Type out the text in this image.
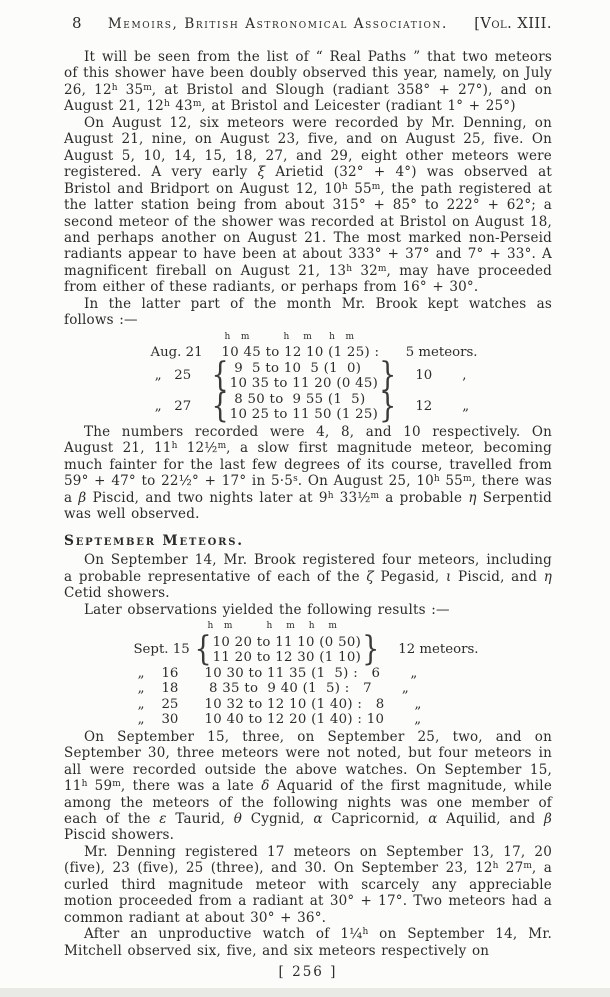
8	Memoirs, British Astronomical Association.	[Vol. XIII.

It will be seen from the list of “ Real Paths ” that two meteors of this shower have been doubly observed this year, namely, on July 26, 12$^h$ 35$^m$, at Bristol and Slough (radiant 358° + 27°), and on August 21, 12$^h$ 43$^m$, at Bristol and Leicester (radiant 1° + 25°)

On August 12, six meteors were recorded by Mr. Denning, on August 21, nine, on August 23, five, and on August 25, five. On August 5, 10, 14, 15, 18, 27, and 29, eight other meteors were registered. A very early ξ Arietid (32° + 4°) was observed at Bristol and Bridport on August 12, 10$^h$ 55$^m$, the path registered at the latter station being from about 315° + 85° to 222° + 62°; a second meteor of the shower was recorded at Bristol on August 18, and perhaps another on August 21. The most marked non-Perseid radiants appear to have been at about 333° + 37° and 7° + 33°. A magnificent fireball on August 21, 13$^h$ 32$^m$, may have proceeded from either of these radiants, or perhaps from 16° + 30°.

In the latter part of the month Mr. Brook kept watches as follows :—

h   m          h    m     h   m
Aug. 21	10 45 to 12 10 (1 25) :	5 meteors.
„   25 { 9  5 to 10  5 (1  0)
10 35 to 11 20 (0 45) }	10	,
„   27 { 8 50 to  9 55 (1  5)
10 25 to 11 50 (1 25) }	12	„

The numbers recorded were 4, 8, and 10 respectively. On August 21, 11$^h$ 12½$^m$, a slow first magnitude meteor, becoming much fainter for the last few degrees of its course, travelled from 59° + 47° to 22½° + 17° in $5\cdot 5^s$. On August 25, 10$^h$ 55$^m$, there was a β Piscid, and two nights later at 9$^h$ 33½$^m$ a probable η Serpentid was well observed.

September Meteors.

On September 14, Mr. Brook registered four meteors, including a probable representative of each of the ζ Pegasid, ι Piscid, and η Cetid showers.

Later observations yielded the following results :—

h   m          h    m    h    m
Sept. 15 { 10 20 to 11 10 (0 50)
11 20 to 12 30 (1 10) }	12 meteors.
„    16	10 30 to 11 35 (1  5) :   6	„
„    18	8 35 to  9 40 (1  5) :   7	„
„    25	10 32 to 12 10 (1 40) :   8	„
„    30	10 40 to 12 20 (1 40) : 10	„

On September 15, three, on September 25, two, and on September 30, three meteors were not noted, but four meteors in all were recorded outside the above watches. On September 15, 11$^h$ 59$^m$, there was a late δ Aquarid of the first magnitude, while among the meteors of the following nights was one member of each of the ε Taurid, θ Cygnid, α Capricornid, α Aquilid, and β Piscid showers.

Mr. Denning registered 17 meteors on September 13, 17, 20 (five), 23 (five), 25 (three), and 30. On September 23, 12$^h$ 27$^m$, a curled third magnitude meteor with scarcely any appreciable motion proceeded from a radiant at 30° + 17°. Two meteors had a common radiant at about 30° + 36°.

After an unproductive watch of 1¼$^h$ on September 14, Mr. Mitchell observed six, five, and six meteors respectively on

[ 256 ]
